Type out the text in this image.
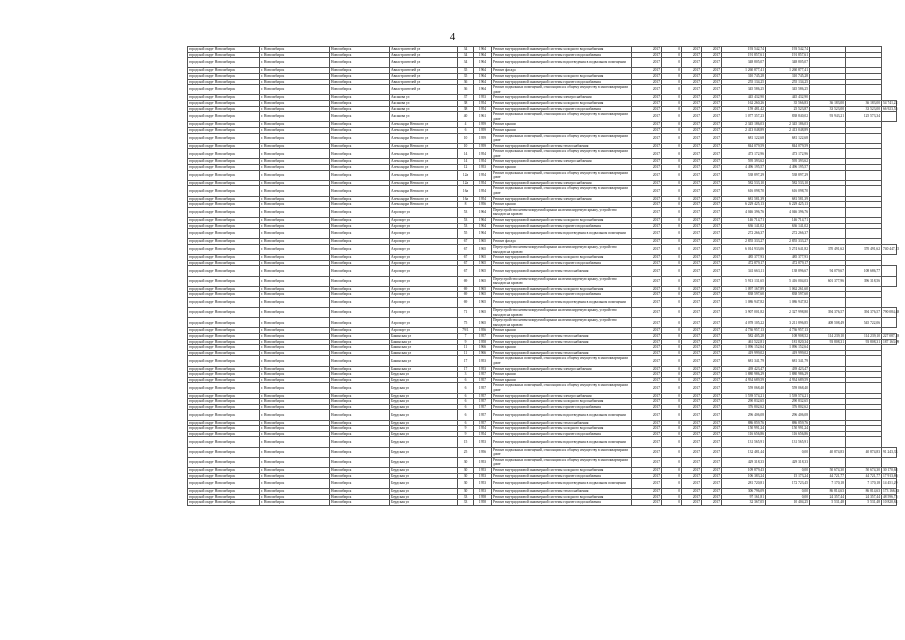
4
городской округ Новосибирск	г. Новосибирск	Новосибирск	Авиастроителей ул	34	1964	Ремонт внутридомовой инженерной системы холодного водоснабжения	2017	0	2017	2017	193 542,74	193 542,74			
городской округ Новосибирск	г. Новосибирск	Новосибирск	Авиастроителей ул	34	1964	Ремонт внутридомовой инженерной системы горячего водоснабжения	2017	0	2017	2017	191 857,61	191 857,61			
городской округ Новосибирск	г. Новосибирск	Новосибирск	Авиастроителей ул	34	1964	Ремонт внутридомовой инженерной системы водоотведения в подвальном помещении	2017	0	2017	2017	348 805,07	348 805,07			
городской округ Новосибирск	г. Новосибирск	Новосибирск	Авиастроителей ул	35	1964	Ремонт фасада	2017	0	2017	2017	1 260 877,41	1 260 877,41			
городской округ Новосибирск	г. Новосибирск	Новосибирск	Авиастроителей ул	35	1964	Ремонт внутридомовой инженерной системы холодного водоснабжения	2017	0	2017	2017	310 745,28	310 745,28			
городской округ Новосибирск	г. Новосибирск	Новосибирск	Авиастроителей ул	36	1964	Ремонт внутридомовой инженерной системы горячего водоснабжения	2017	0	2017	2017	255 134,25	255 134,25			
городской округ Новосибирск	г. Новосибирск	Новосибирск	Авиастроителей ул	36	1964	Ремонт подвальных помещений, относящихся к общему имуществу в многоквартирном доме	2017	0	2017	2017	345 586,25	345 586,25			
городской округ Новосибирск	г. Новосибирск	Новосибирск	Аксакова ул	37	1953	Ремонт внутридомовой инженерной системы электроснабжения	2017	0	2017	2017	445 432,90	445 432,90			
городской округ Новосибирск	г. Новосибирск	Новосибирск	Аксакова ул	38	1954	Ремонт внутридомовой инженерной системы холодного водоснабжения	2017	0	2017	2017	162 260,26	35 566,83	36 183,00	36 183,00	54 741,22
городской округ Новосибирск	г. Новосибирск	Новосибирск	Аксакова ул	38	1954	Ремонт внутридомовой инженерной системы горячего водоснабжения	2017	0	2017	2017	159 481,42	25 523,87	33 523,00	33 523,00	66 923,55
городской округ Новосибирск	г. Новосибирск	Новосибирск	Аксакова ул	40	1961	Ремонт подвальных помещений, относящихся к общему имуществу в многоквартирном доме	2017	0	2017	2017	1 077 357,23	838 840,02	93 943,21	125 573,34	
городской округ Новосибирск	г. Новосибирск	Новосибирск	Александра Невского ул	4	1959	Ремонт крыши	2017	0	2017	2017	2 345 186,03	2 345 186,03			
городской округ Новосибирск	г. Новосибирск	Новосибирск	Александра Невского ул	6	1959	Ремонт крыши	2017	0	2017	2017	2 413 048,89	2 413 048,89			
городской округ Новосибирск	г. Новосибирск	Новосибирск	Александра Невского ул	10	1959	Ремонт подвальных помещений, относящихся к общему имуществу в многоквартирном доме	2017	0	2017	2017	681 122,68	681 122,68			
городской округ Новосибирск	г. Новосибирск	Новосибирск	Александра Невского ул	10	1959	Ремонт внутридомовой инженерной системы теплоснабжения	2017	0	2017	2017	844 079,59	844 079,59			
городской округ Новосибирск	г. Новосибирск	Новосибирск	Александра Невского ул	14	1954	Ремонт подвальных помещений, относящихся к общему имуществу в многоквартирном доме	2017	0	2017	2017	473 172,96	473 172,96			
городской округ Новосибирск	г. Новосибирск	Новосибирск	Александра Невского ул	14	1954	Ремонт внутридомовой инженерной системы электроснабжения	2017	0	2017	2017	595 393,62	595 393,62			
городской округ Новосибирск	г. Новосибирск	Новосибирск	Александра Невского ул	12	1953	Ремонт крыши	2017	0	2017	2017	4 496 195,57	4 496 195,57			
городской округ Новосибирск	г. Новосибирск	Новосибирск	Александра Невского ул	12a	1954	Ремонт подвальных помещений, относящихся к общему имуществу в многоквартирном доме	2017	0	2017	2017	538 897,29	538 897,29			
городской округ Новосибирск	г. Новосибирск	Новосибирск	Александра Невского ул	12a	1954	Ремонт внутридомовой инженерной системы электроснабжения	2017	0	2017	2017	582 533,10	582 533,10			
городской округ Новосибирск	г. Новосибирск	Новосибирск	Александра Невского ул	16a	1954	Ремонт подвальных помещений, относящихся к общему имуществу в многоквартирном доме	2017	0	2017	2017	616 098,70	616 098,70			
городской округ Новосибирск	г. Новосибирск	Новосибирск	Александра Невского ул	16a	1954	Ремонт внутридомовой инженерной системы электроснабжения	2017	0	2017	2017	681 581,39	681 581,39			
городской округ Новосибирск	г. Новосибирск	Новосибирск	Александра Невского ул	8	1956	Ремонт крыши	2017	0	2017	2017	6 229 425,13	6 229 425,13			
городской округ Новосибирск	г. Новосибирск	Новосибирск	Аэропорт ул	53	1964	Переустройство невентилируемой крыши на вентилируемую крышу, устройство выходов на кровлю	2017	0	2017	2017	4 046 396,76	4 046 396,76			
городской округ Новосибирск	г. Новосибирск	Новосибирск	Аэропорт ул	53	1964	Ремонт внутридомовой инженерной системы холодного водоснабжения	2017	0	2017	2017	146 714,71	146 714,71			
городской округ Новосибирск	г. Новосибирск	Новосибирск	Аэропорт ул	53	1964	Ремонт внутридомовой инженерной системы горячего водоснабжения	2017	0	2017	2017	636 141,02	636 141,02			
городской округ Новосибирск	г. Новосибирск	Новосибирск	Аэропорт ул	55	1964	Ремонт внутридомовой инженерной системы водоотведения в подвальном помещении	2017	0	2017	2017	272 266,37	272 266,37			
городской округ Новосибирск	г. Новосибирск	Новосибирск	Аэропорт ул	67	1965	Ремонт фасада	2017	0	2017	2017	2 855 333,27	2 855 333,27			
городской округ Новосибирск	г. Новосибирск	Новосибирск	Аэропорт ул	67	1965	Переустройство невентилируемой крыши на вентилируемую крышу, устройство выходов на кровлю	2017	0	2017	2017	6 014 933,06	5 274 641,82	370 491,62	370 491,62	740 447,15
городской округ Новосибирск	г. Новосибирск	Новосибирск	Аэропорт ул	67	1965	Ремонт внутридомовой инженерной системы холодного водоснабжения	2017	0	2017	2017	485 377,93	485 377,93			
городской округ Новосибирск	г. Новосибирск	Новосибирск	Аэропорт ул	67	1965	Ремонт внутридомовой инженерной системы горячего водоснабжения	2017	0	2017	2017	472 879,17	472 879,17			
городской округ Новосибирск	г. Новосибирск	Новосибирск	Аэропорт ул	67	1965	Ремонт внутридомовой инженерной системы теплоснабжения	2017	0	2017	2017	341 663,11	138 896,67	94 079,67	108 686,77	
городской округ Новосибирск	г. Новосибирск	Новосибирск	Аэропорт ул	69	1965	Переустройство невентилируемой крыши на вентилируемую крышу, устройство выходов на кровлю	2017	0	2017	2017	5 913 131,65	5 416 004,03	601 377,96	396 318,56	
городской округ Новосибирск	г. Новосибирск	Новосибирск	Аэропорт ул	69	1965	Ремонт внутридомовой инженерной системы холодного водоснабжения	2017	0	2017	2017	1 097 167,89	1 062 261,60			
городской округ Новосибирск	г. Новосибирск	Новосибирск	Аэропорт ул	69	1965	Ремонт внутридомовой инженерной системы горячего водоснабжения	2017	0	2017	2017	838 597,60	838 597,60			
городской округ Новосибирск	г. Новосибирск	Новосибирск	Аэропорт ул	69	1965	Ремонт внутридомовой инженерной системы водоотведения в подвальном помещении	2017	0	2017	2017	1 086 947,82	1 086 947,82			
городской округ Новосибирск	г. Новосибирск	Новосибирск	Аэропорт ул	71	1965	Переустройство невентилируемой крыши на вентилируемую крышу, устройство выходов на кровлю	2017	0	2017	2017	3 907 001,82	2 327 998,80	394 376,57	394 376,57	790 084,48
городской округ Новосибирск	г. Новосибирск	Новосибирск	Аэропорт ул	75	1965	Переустройство невентилируемой крыши на вентилируемую крышу, устройство выходов на кровлю	2017	0	2017	2017	4 078 105,22	3 211 896,85	408 508,49	545 722,06	
городской округ Новосибирск	г. Новосибирск	Новосибирск	Аэропорт ул	79/1	1956	Ремонт крыши	2017	0	2017	2017	4 736 957,13	4 736 957,13			
городской округ Новосибирск	г. Новосибирск	Новосибирск	Бакинская ул	7	1957	Ремонт внутридомовой инженерной системы теплоснабжения	2017	0	2017	2017	582 405,28	108 908,52	114 239,10	114 239,10	227 087,18
городской округ Новосибирск	г. Новосибирск	Новосибирск	Бакинская ул	9	1958	Ремонт внутридомовой инженерной системы теплоснабжения	2017	0	2017	2017	461 522,81	181 820,34	93 808,31	93 808,31	187 163,09
городской округ Новосибирск	г. Новосибирск	Новосибирск	Бакинская ул	11	1966	Ремонт крыши	2017	0	2017	2017	1 096 152,64	1 096 152,64			
городской округ Новосибирск	г. Новосибирск	Новосибирск	Бакинская ул	11	1966	Ремонт внутридомовой инженерной системы теплоснабжения	2017	0	2017	2017	419 999,02	419 999,02			
городской округ Новосибирск	г. Новосибирск	Новосибирск	Бакинская ул	17	1953	Ремонт подвальных помещений, относящихся к общему имуществу в многоквартирном доме	2017	0	2017	2017	681 341,79	681 341,79			
городской округ Новосибирск	г. Новосибирск	Новосибирск	Бакинская ул	17	1953	Ремонт внутридомовой инженерной системы электроснабжения	2017	0	2017	2017	439 423,47	439 423,47			
городской округ Новосибирск	г. Новосибирск	Новосибирск	Бердская ул	3	1957	Ремонт крыши	2017	0	2017	2017	1 880 986,29	1 880 986,29			
городской округ Новосибирск	г. Новосибирск	Новосибирск	Бердская ул	6	1957	Ремонт крыши	2017	0	2017	2017	4 934 689,59	4 934 689,59			
городской округ Новосибирск	г. Новосибирск	Новосибирск	Бердская ул	6	1957	Ремонт подвальных помещений, относящихся к общему имуществу в многоквартирном доме	2017	0	2017	2017	559 068,40	559 068,40			
городской округ Новосибирск	г. Новосибирск	Новосибирск	Бердская ул	6	1957	Ремонт внутридомовой инженерной системы электроснабжения	2017	0	2017	2017	1 539 574,21	1 539 574,21			
городской округ Новосибирск	г. Новосибирск	Новосибирск	Бердская ул	6	1957	Ремонт внутридомовой инженерной системы холодного водоснабжения	2017	0	2017	2017	290 832,65	290 832,65			
городской округ Новосибирск	г. Новосибирск	Новосибирск	Бердская ул	6	1957	Ремонт внутридомовой инженерной системы горячего водоснабжения	2017	0	2017	2017	376 802,62	376 802,62			
городской округ Новосибирск	г. Новосибирск	Новосибирск	Бердская ул	6	1957	Ремонт внутридомовой инженерной системы водоотведения в подвальном помещении	2017	0	2017	2017	296 406,08	296 406,08			
городской округ Новосибирск	г. Новосибирск	Новосибирск	Бердская ул	6	1957	Ремонт внутридомовой инженерной системы теплоснабжения	2017	0	2017	2017	886 859,76	886 859,76			
городской округ Новосибирск	г. Новосибирск	Новосибирск	Бердская ул	9	1954	Ремонт внутридомовой инженерной системы холодного водоснабжения	2017	0	2017	2017	150 991,24	150 991,24			
городской округ Новосибирск	г. Новосибирск	Новосибирск	Бердская ул	9	1954	Ремонт внутридомовой инженерной системы горячего водоснабжения	2017	0	2017	2017	116 656,86	116 656,86			
городской округ Новосибирск	г. Новосибирск	Новосибирск	Бердская ул	15	1953	Ремонт внутридомовой инженерной системы водоотведения в подвальном помещении	2017	0	2017	2017	131 565,91	131 565,91			
городской округ Новосибирск	г. Новосибирск	Новосибирск	Бердская ул	25	1956	Ремонт подвальных помещений, относящихся к общему имуществу в многоквартирном доме	2017	0	2017	2017	132 481,44	0,00	40 874,83	40 874,83	91 243,33
городской округ Новосибирск	г. Новосибирск	Новосибирск	Бердская ул	30	1953	Ремонт подвальных помещений, относящихся к общему имуществу в многоквартирном доме	2017	0	2017	2017	429 318,33	429 318,33			
городской округ Новосибирск	г. Новосибирск	Новосибирск	Бердская ул	30	1953	Ремонт внутридомовой инженерной системы холодного водоснабжения	2017	0	2017	2017	109 879,43	0,00	50 674,30	50 674,30	30 170,68
городской округ Новосибирск	г. Новосибирск	Новосибирск	Бердская ул	30	1953	Ремонт внутридомовой инженерной системы горячего водоснабжения	2017	0	2017	2017	106 383,24	15 173,24	44 721,77	44 721,77	17 913,86
городской округ Новосибирск	г. Новосибирск	Новосибирск	Бердская ул	30	1953	Ремонт внутридомовой инженерной системы водоотведения в подвальном помещении	2017	0	2017	2017	281 720,81	172 723,45	7 170,18	7 170,18	14 451,29
городской округ Новосибирск	г. Новосибирск	Новосибирск	Бердская ул	30	1953	Ремонт внутридомовой инженерной системы теплоснабжения	2017	0	2017	2017	306 796,09	0,00	86 814,63	86 814,63	173 166,83
городской округ Новосибирск	г. Новосибирск	Новосибирск	Бердская ул	33	1958	Ремонт внутридомовой инженерной системы холодного водоснабжения	2017	0	2017	2017	97 161,81	0,00	24 357,44	24 357,44	48 596,75
городской округ Новосибирск	г. Новосибирск	Новосибирск	Бердская ул	33	1958	Ремонт внутридомовой инженерной системы горячего водоснабжения	2017	0	2017	2017	32 367,05	10 404,25	5 531,48	5 531,48	10 820,84
